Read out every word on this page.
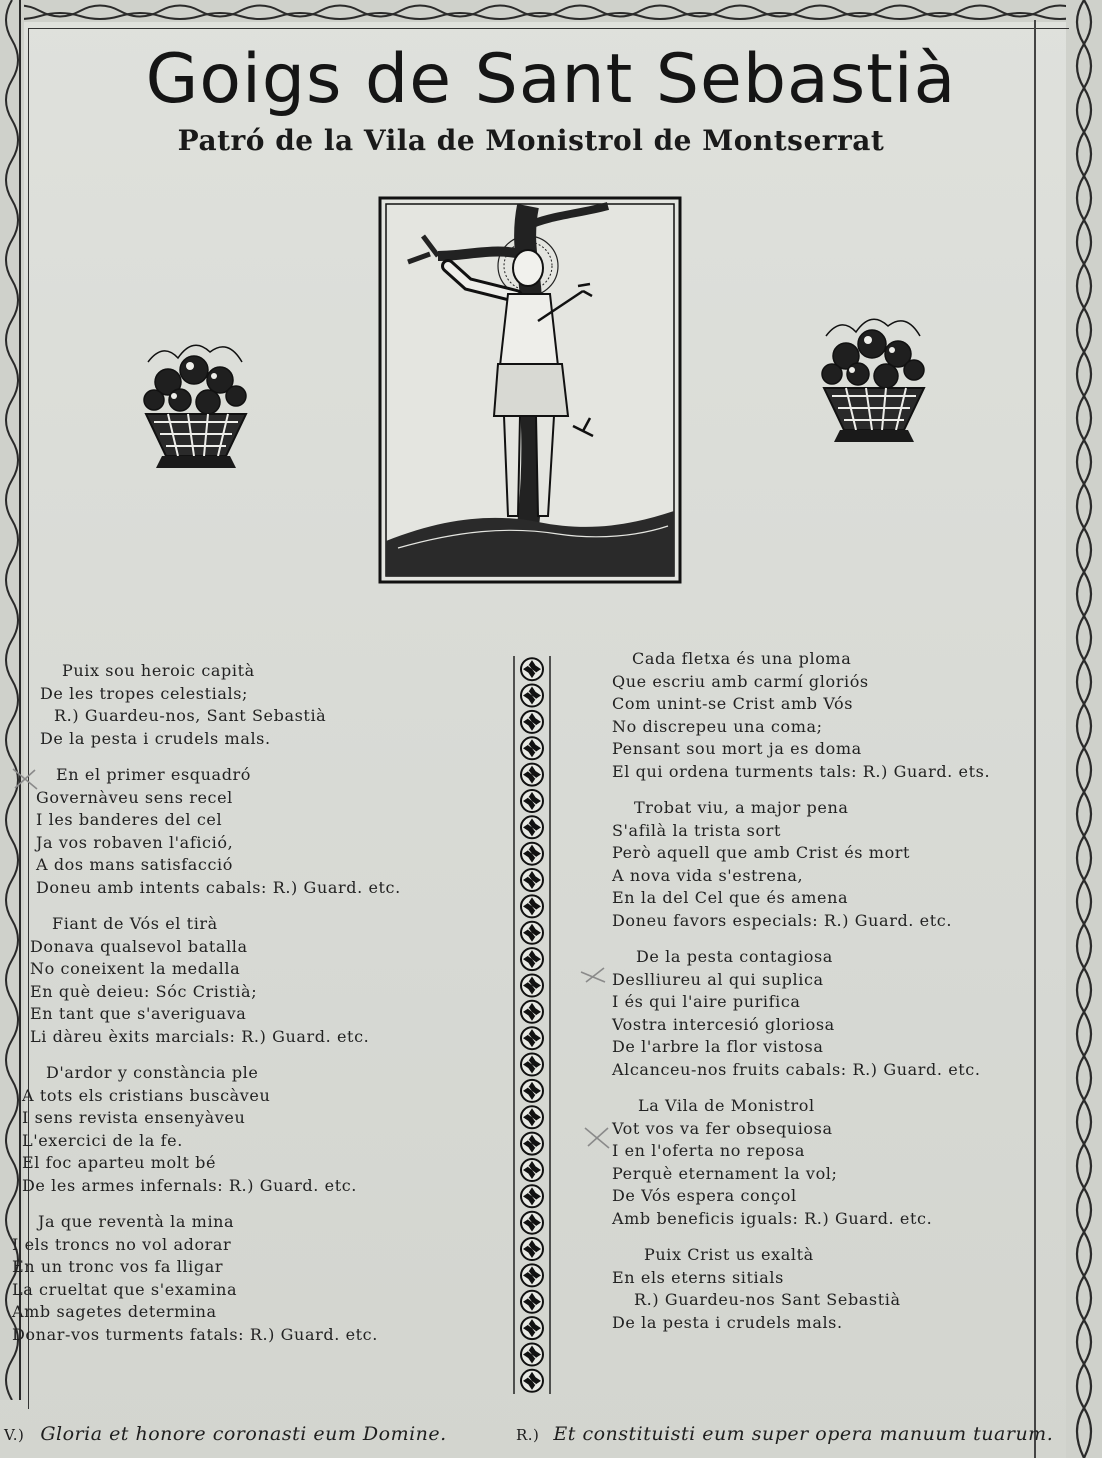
Goigs de Sant Sebastià
Patró de la Vila de Monistrol de Montserrat
Puix sou heroic capità
De les tropes celestials;
R.) Guardeu-nos, Sant Sebastià
De la pesta i crudels mals.
En el primer esquadró
Governàveu sens recel
I les banderes del cel
Ja vos robaven l'afició,
A dos mans satisfacció
Doneu amb intents cabals: R.) Guard. etc.
Fiant de Vós el tirà
Donava qualsevol batalla
No coneixent la medalla
En què deieu: Sóc Cristià;
En tant que s'averiguava
Li dàreu èxits marcials: R.) Guard. etc.
D'ardor y constància ple
A tots els cristians buscàveu
I sens revista ensenyàveu
L'exercici de la fe.
El foc aparteu molt bé
De les armes infernals: R.) Guard. etc.
Ja que reventà la mina
I els troncs no vol adorar
En un tronc vos fa lligar
La crueltat que s'examina
Amb sagetes determina
Donar-vos turments fatals: R.) Guard. etc.
Cada fletxa és una ploma
Que escriu amb carmí gloriós
Com unint-se Crist amb Vós
No discrepeu una coma;
Pensant sou mort ja es doma
El qui ordena turments tals: R.) Guard. ets.
Trobat viu, a major pena
S'afilà la trista sort
Però aquell que amb Crist és mort
A nova vida s'estrena,
En la del Cel que és amena
Doneu favors especials: R.) Guard. etc.
De la pesta contagiosa
Deslliureu al qui suplica
I és qui l'aire purifica
Vostra intercesió gloriosa
De l'arbre la flor vistosa
Alcanceu-nos fruits cabals: R.) Guard. etc.
La Vila de Monistrol
Vot vos va fer obsequiosa
I en l'oferta no reposa
Perquè eternament la vol;
De Vós espera conçol
Amb beneficis iguals: R.) Guard. etc.
Puix Crist us exaltà
En els eterns sitials
R.) Guardeu-nos Sant Sebastià
De la pesta i crudels mals.
V.) Gloria et honore coronasti eum Domine.	R.) Et constituisti eum super opera manuum tuarum.
